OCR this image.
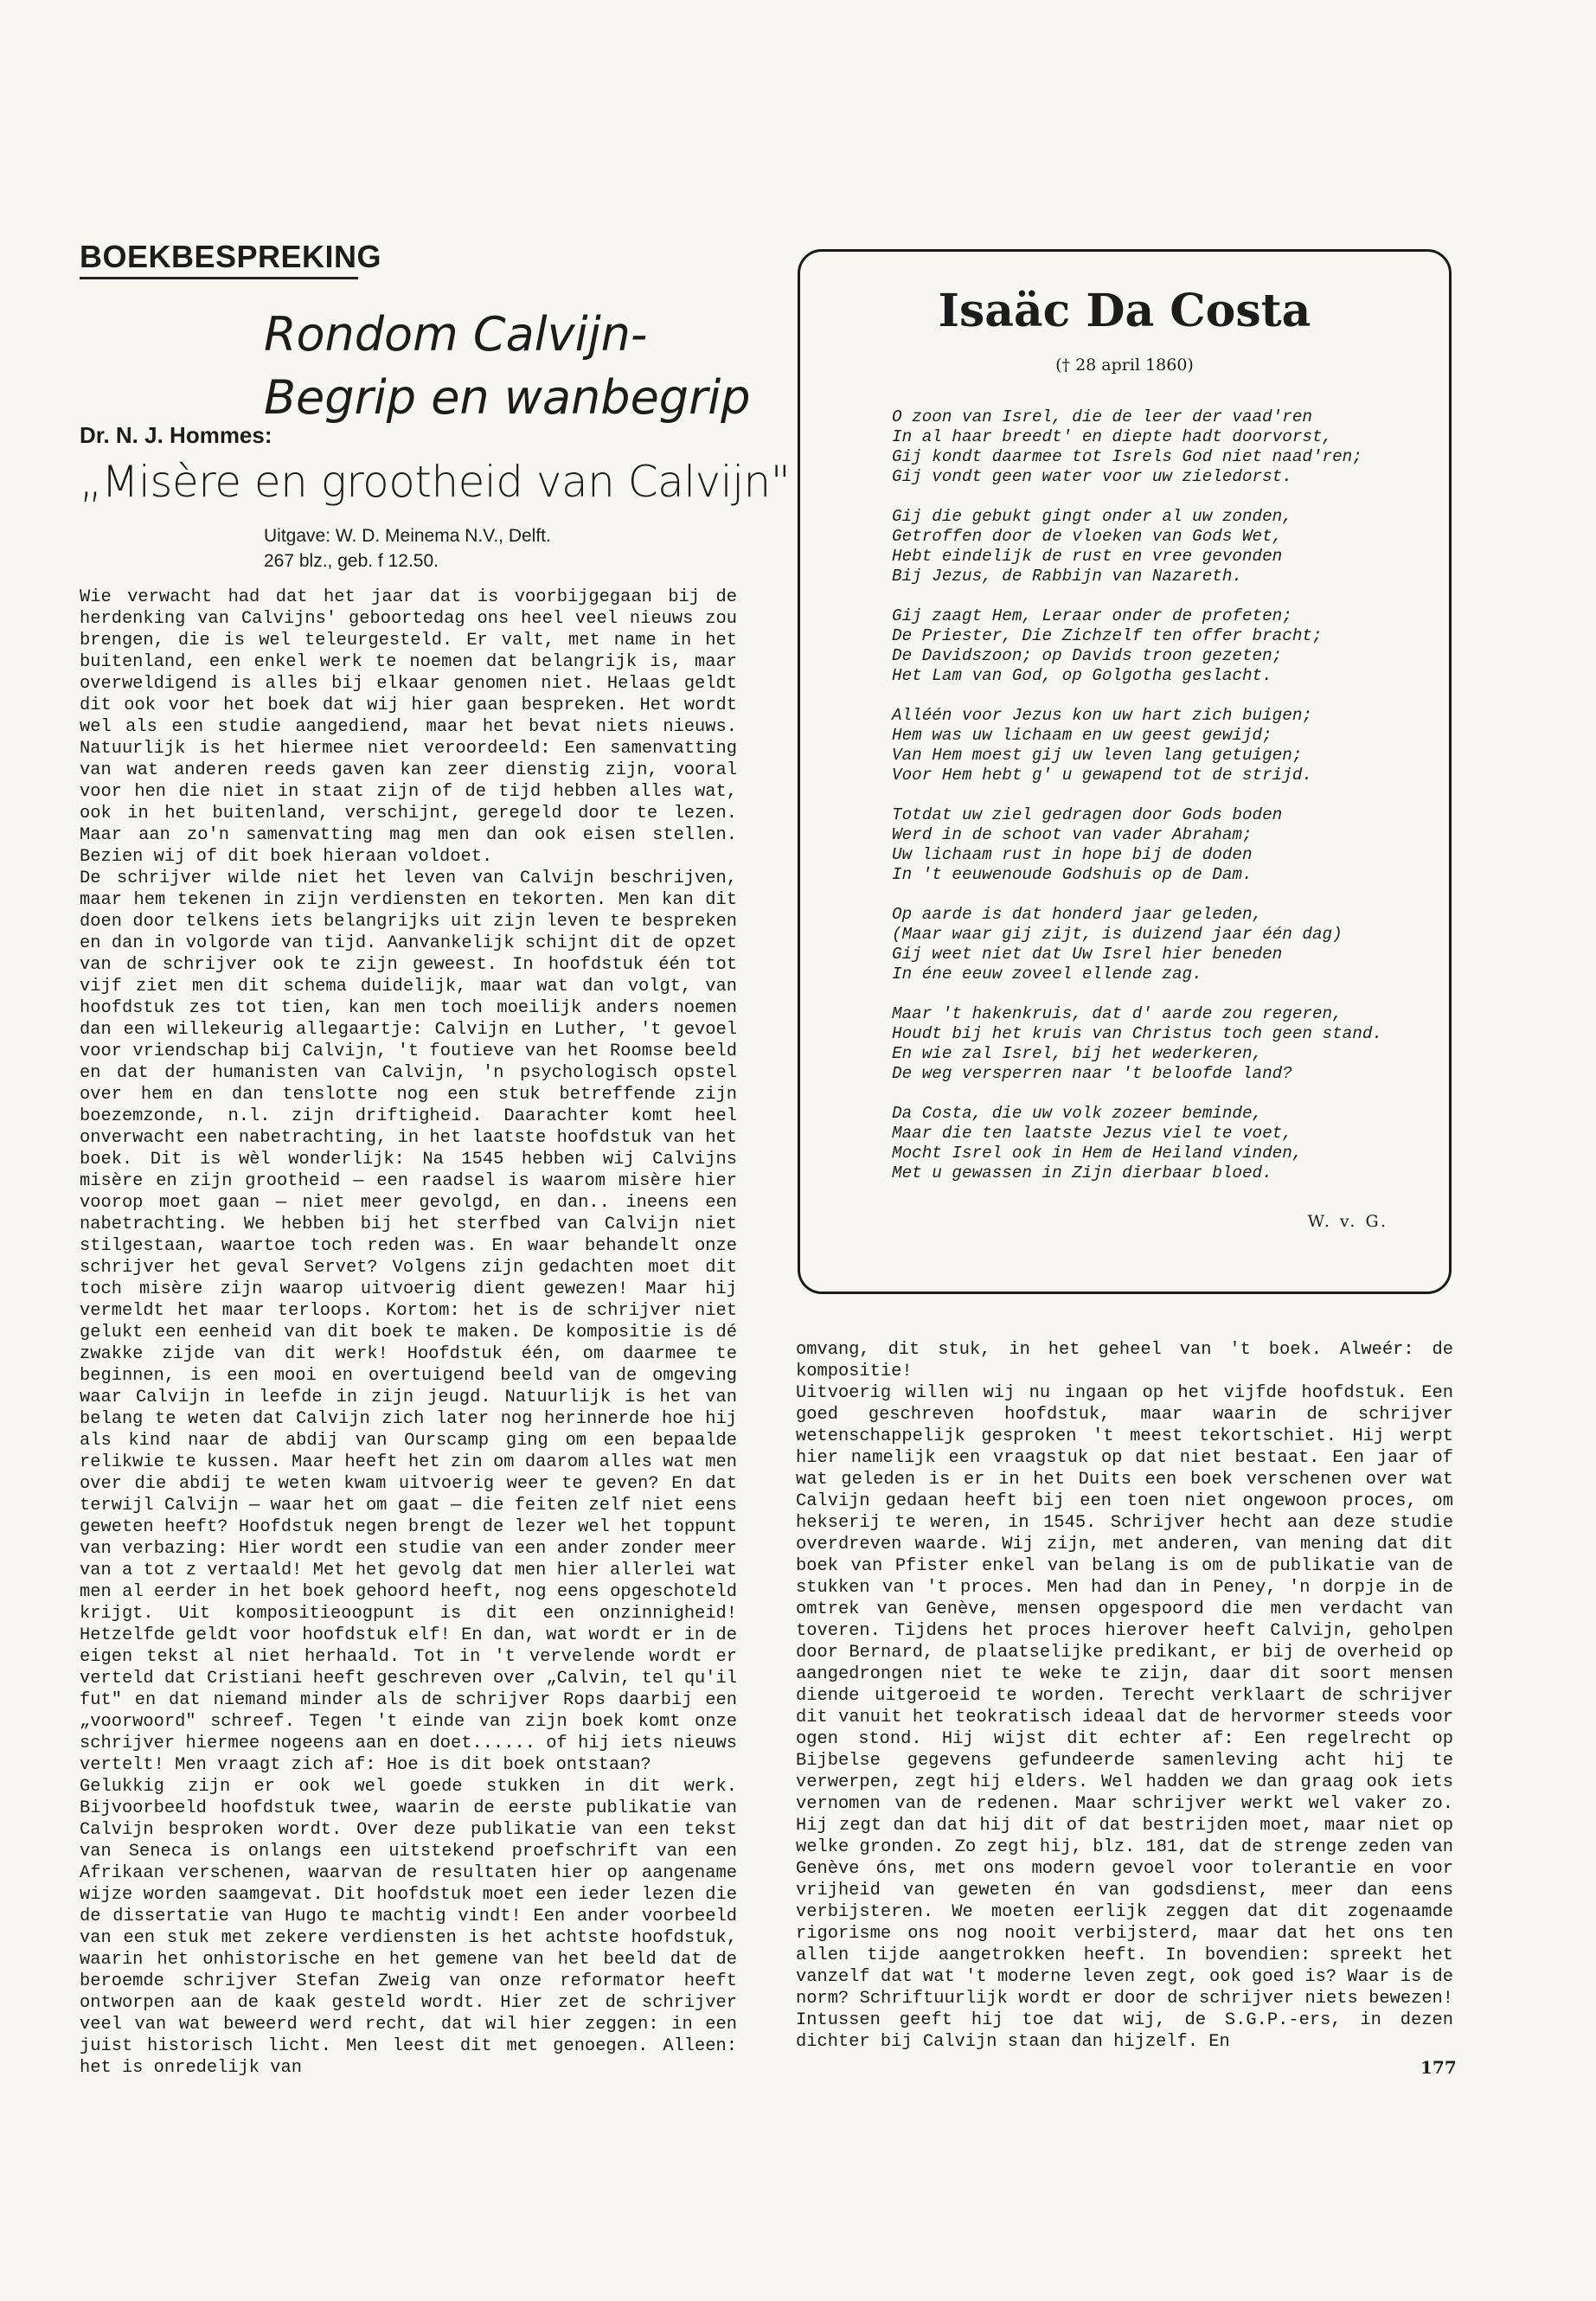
BOEKBESPREKING
Rondom Calvijn-
Begrip en wanbegrip
Dr. N. J. Hommes:
„Misère en grootheid van Calvijn"
Uitgave: W. D. Meinema N.V., Delft.
267 blz., geb. f 12.50.

Wie verwacht had dat het jaar dat is voorbijgegaan bij de herdenking van Calvijns' geboortedag ons heel veel nieuws zou brengen, die is wel teleurgesteld. Er valt, met name in het buitenland, een enkel werk te noemen dat belangrijk is, maar overweldigend is alles bij elkaar genomen niet. Helaas geldt dit ook voor het boek dat wij hier gaan bespreken. Het wordt wel als een studie aangediend, maar het bevat niets nieuws. Natuurlijk is het hiermee niet veroordeeld: Een samenvatting van wat anderen reeds gaven kan zeer dienstig zijn, vooral voor hen die niet in staat zijn of de tijd hebben alles wat, ook in het buitenland, verschijnt, geregeld door te lezen. Maar aan zo'n samenvatting mag men dan ook eisen stellen. Bezien wij of dit boek hieraan voldoet.

De schrijver wilde niet het leven van Calvijn beschrijven, maar hem tekenen in zijn verdiensten en tekorten. Men kan dit doen door telkens iets belangrijks uit zijn leven te bespreken en dan in volgorde van tijd. Aanvankelijk schijnt dit de opzet van de schrijver ook te zijn geweest. In hoofdstuk één tot vijf ziet men dit schema duidelijk, maar wat dan volgt, van hoofdstuk zes tot tien, kan men toch moeilijk anders noemen dan een willekeurig allegaartje: Calvijn en Luther, 't gevoel voor vriendschap bij Calvijn, 't foutieve van het Roomse beeld en dat der humanisten van Calvijn, 'n psychologisch opstel over hem en dan tenslotte nog een stuk betreffende zijn boezemzonde, n.l. zijn driftigheid. Daarachter komt heel onverwacht een nabetrachting, in het laatste hoofdstuk van het boek. Dit is wèl wonderlijk: Na 1545 hebben wij Calvijns misère en zijn grootheid — een raadsel is waarom misère hier voorop moet gaan — niet meer gevolgd, en dan.. ineens een nabetrachting. We hebben bij het sterfbed van Calvijn niet stilgestaan, waartoe toch reden was. En waar behandelt onze schrijver het geval Servet? Volgens zijn gedachten moet dit toch misère zijn waarop uitvoerig dient gewezen! Maar hij vermeldt het maar terloops. Kortom: het is de schrijver niet gelukt een eenheid van dit boek te maken. De kompositie is dé zwakke zijde van dit werk! Hoofdstuk één, om daarmee te beginnen, is een mooi en overtuigend beeld van de omgeving waar Calvijn in leefde in zijn jeugd. Natuurlijk is het van belang te weten dat Calvijn zich later nog herinnerde hoe hij als kind naar de abdij van Ourscamp ging om een bepaalde relikwie te kussen. Maar heeft het zin om daarom alles wat men over die abdij te weten kwam uitvoerig weer te geven? En dat terwijl Calvijn — waar het om gaat — die feiten zelf niet eens geweten heeft? Hoofdstuk negen brengt de lezer wel het toppunt van verbazing: Hier wordt een studie van een ander zonder meer van a tot z vertaald! Met het gevolg dat men hier allerlei wat men al eerder in het boek gehoord heeft, nog eens opgeschoteld krijgt. Uit kompositieoogpunt is dit een onzinnighеid! Hetzelfde geldt voor hoofdstuk elf! En dan, wat wordt er in de eigen tekst al niet herhaald. Tot in 't vervelende wordt er verteld dat Cristiani heeft geschreven over „Calvin, tel qu'il fut" en dat niemand minder als de schrijver Rops daarbij een „voorwoord" schreef. Tegen 't einde van zijn boek komt onze schrijver hiermee nogeens aan en doet...... of hij iets nieuws vertelt! Men vraagt zich af: Hoe is dit boek ontstaan?

Gelukkig zijn er ook wel goede stukken in dit werk. Bijvoorbeeld hoofdstuk twee, waarin de eerste publikatie van Calvijn besproken wordt. Over deze publikatie van een tekst van Seneca is onlangs een uitstekend proefschrift van een Afrikaan verschenen, waarvan de resultaten hier op aangename wijze worden saamgevat. Dit hoofdstuk moet een ieder lezen die de dissertatie van Hugo te machtig vindt! Een ander voorbeeld van een stuk met zekere verdiensten is het achtste hoofdstuk, waarin het onhistorische en het gemene van het beeld dat de beroemde schrijver Stefan Zweig van onze reformator heeft ontworpen aan de kaak gesteld wordt. Hier zet de schrijver veel van wat beweerd werd recht, dat wil hier zeggen: in een juist historisch licht. Men leest dit met genoegen. Alleen: het is onredelijk van

Isaäc Da Costa
(† 28 april 1860)
O zoon van Isrel, die de leer der vaad'ren
In al haar breedt' en diepte hadt doorvorst,
Gij kondt daarmee tot Isrels God niet naad'ren;
Gij vondt geen water voor uw zieledorst.
Gij die gebukt gingt onder al uw zonden,
Getroffen door de vloeken van Gods Wet,
Hebt eindelijk de rust en vree gevonden
Bij Jezus, de Rabbijn van Nazareth.
Gij zaagt Hem, Leraar onder de profeten;
De Priester, Die Zichzelf ten offer bracht;
De Davidszoon; op Davids troon gezeten;
Het Lam van God, op Golgotha geslacht.
Alléén voor Jezus kon uw hart zich buigen;
Hem was uw lichaam en uw geest gewijd;
Van Hem moest gij uw leven lang getuigen;
Voor Hem hebt g' u gewapend tot de strijd.
Totdat uw ziel gedragen door Gods boden
Werd in de schoot van vader Abraham;
Uw lichaam rust in hope bij de doden
In 't eeuwenoude Godshuis op de Dam.
Op aarde is dat honderd jaar geleden,
(Maar waar gij zijt, is duizend jaar één dag)
Gij weet niet dat Uw Isrel hier beneden
In éne eeuw zoveel ellende zag.
Maar 't hakenkruis, dat d' aarde zou regeren,
Houdt bij het kruis van Christus toch geen stand.
En wie zal Isrel, bij het wederkeren,
De weg versperren naar 't beloofde land?
Da Costa, die uw volk zozeer beminde,
Maar die ten laatste Jezus viel te voet,
Mocht Isrel ook in Hem de Heiland vinden,
Met u gewassen in Zijn dierbaar bloed.
W. v. G.

omvang, dit stuk, in het geheel van 't boek. Alweér: de kompositie!

Uitvoerig willen wij nu ingaan op het vijfde hoofdstuk. Een goed geschreven hoofdstuk, maar waarin de schrijver wetenschappelijk gesproken 't meest tekortschiet. Hij werpt hier namelijk een vraagstuk op dat niet bestaat. Een jaar of wat geleden is er in het Duits een boek verschenen over wat Calvijn gedaan heeft bij een toen niet ongewoon proces, om hekserij te weren, in 1545. Schrijver hecht aan deze studie overdreven waarde. Wij zijn, met anderen, van mening dat dit boek van Pfister enkel van belang is om de publikatie van de stukken van 't proces. Men had dan in Peney, 'n dorpje in de omtrek van Genève, mensen opgespoord die men verdacht van toveren. Tijdens het proces hierover heeft Calvijn, geholpen door Bernard, de plaatselijke predikant, er bij de overheid op aangedrongen niet te weke te zijn, daar dit soort mensen diende uitgeroeid te worden. Terecht verklaart de schrijver dit vanuit het teokratisch ideaal dat de hervormer steeds voor ogen stond. Hij wijst dit echter af: Een regelrecht op Bijbelse gegevens gefundeerde samenleving acht hij te verwerpen, zegt hij elders. Wel hadden we dan graag ook iets vernomen van de redenen. Maar schrijver werkt wel vaker zo. Hij zegt dan dat hij dit of dat bestrijden moet, maar niet op welke gronden. Zo zegt hij, blz. 181, dat de strenge zeden van Genève óns, met ons modern gevoel voor tolerantie en voor vrijheid van geweten én van godsdienst, meer dan eens verbijsteren. We moeten eerlijk zeggen dat dit zogenaamde rigorisme ons nog nooit verbijsterd, maar dat het ons ten allen tijde aangetrokken heeft. In bovendien: spreekt het vanzelf dat wat 't moderne leven zegt, ook goed is? Waar is de norm? Schriftuurlijk wordt er door de schrijver niets bewezen! Intussen geeft hij toe dat wij, de S.G.P.-ers, in dezen dichter bij Calvijn staan dan hijzelf. En

177
